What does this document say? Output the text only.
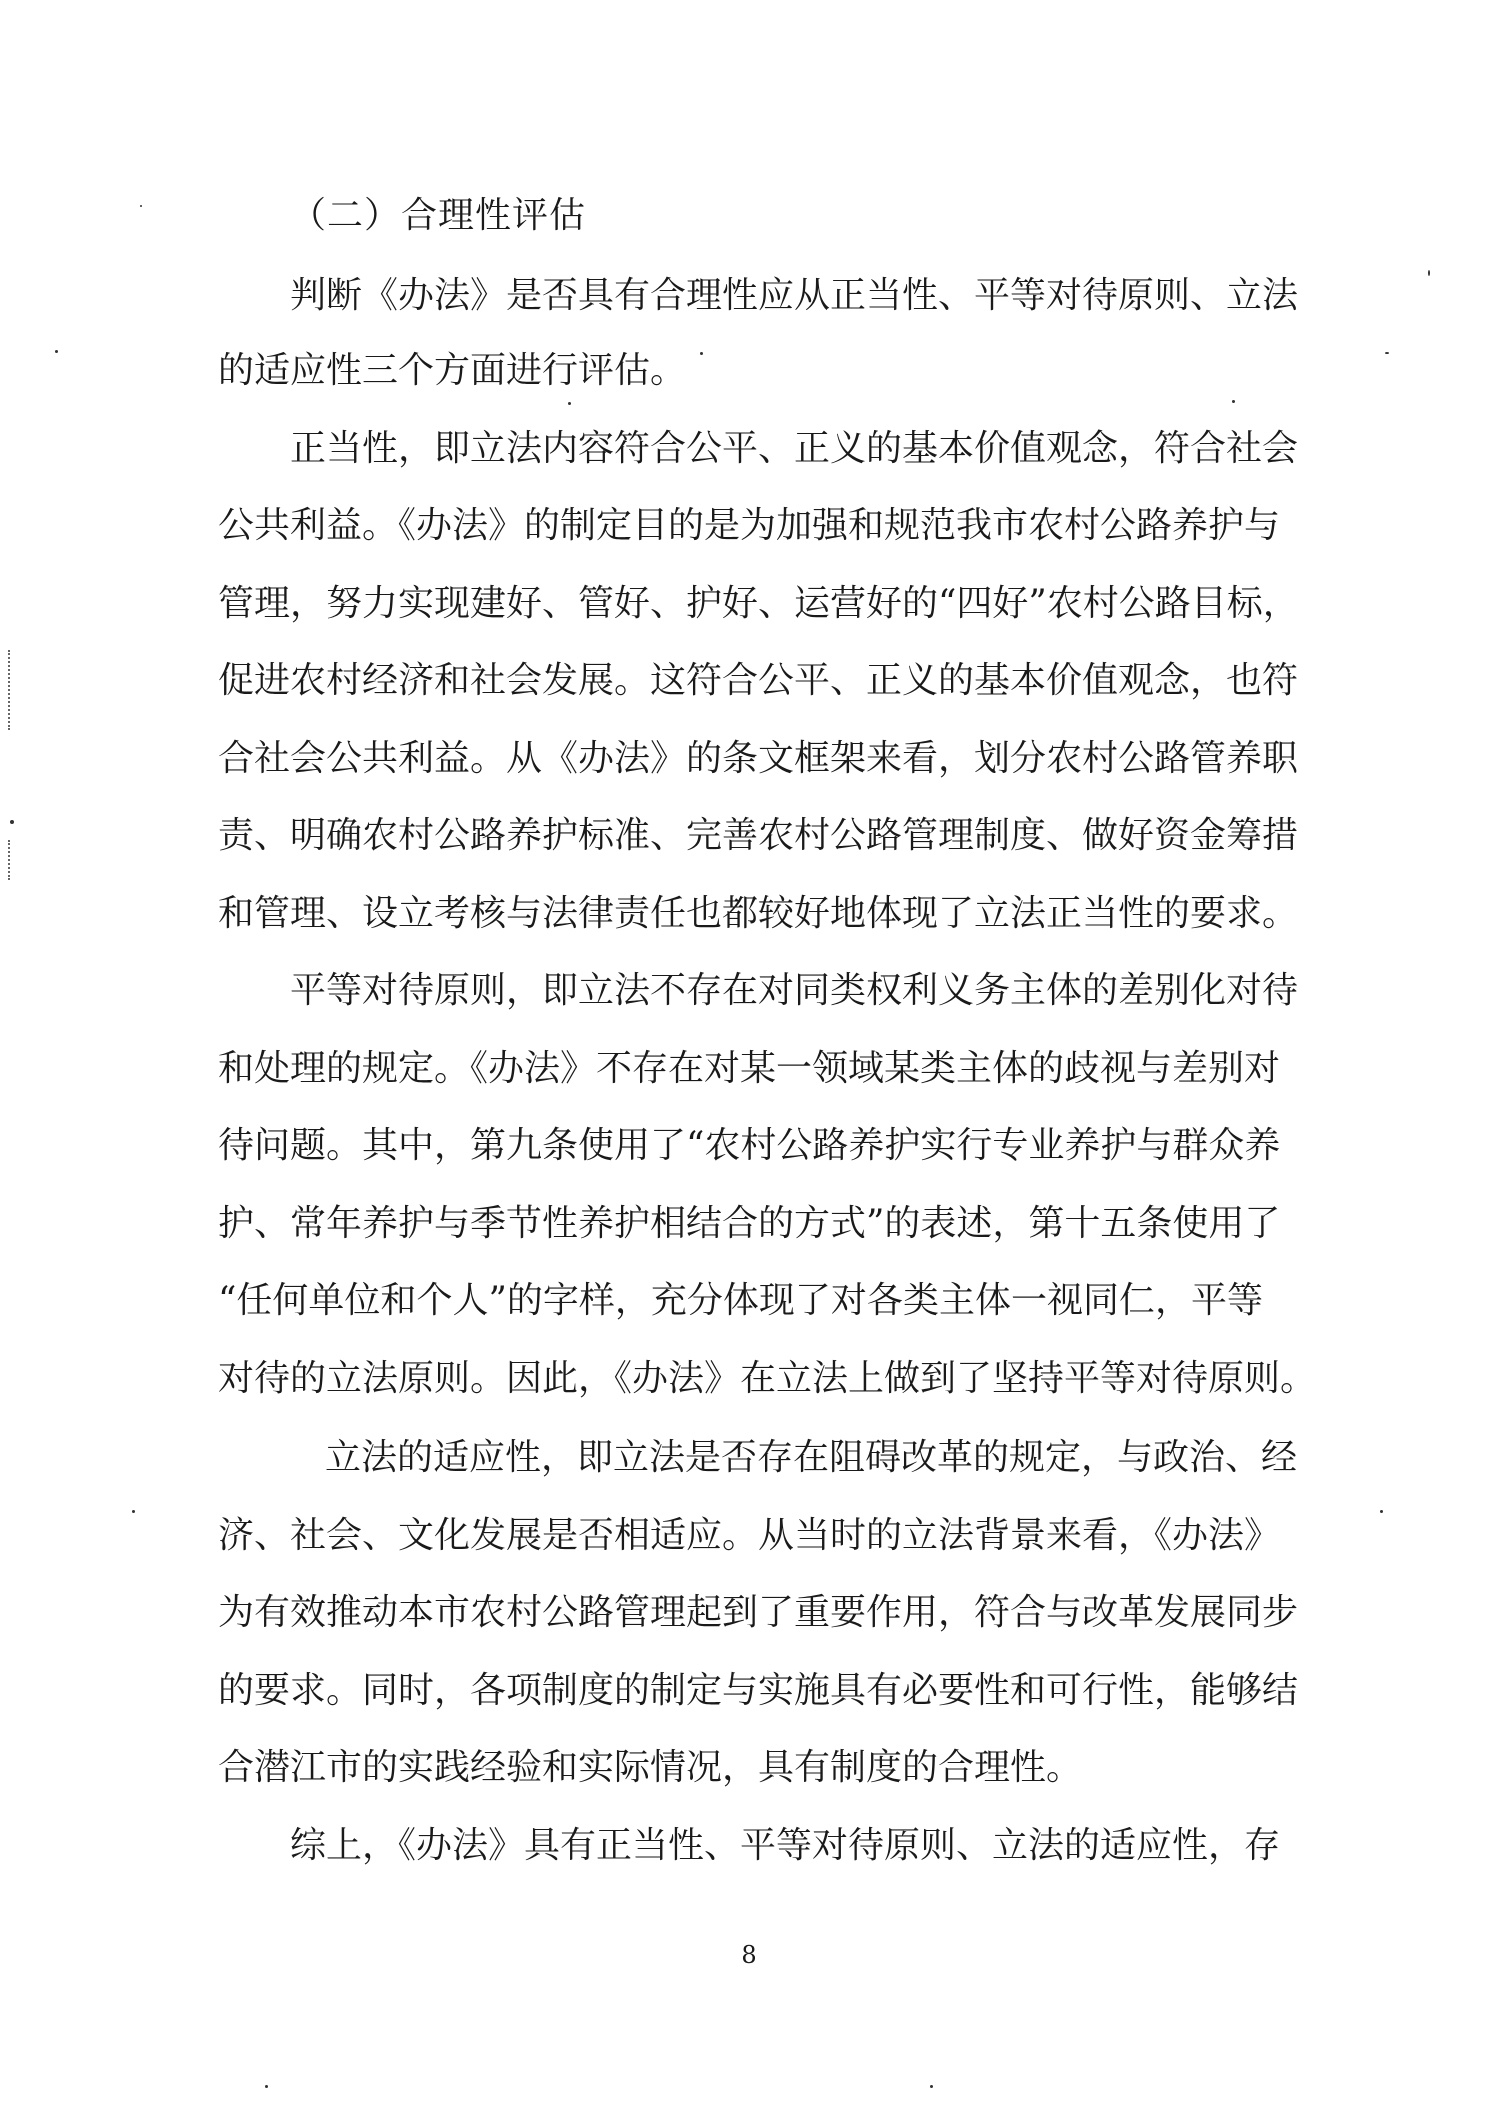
（二）合理性评估
判断《办法》是否具有合理性应从正当性、平等对待原则、立法
的适应性三个方面进行评估。
正当性，即立法内容符合公平、正义的基本价值观念，符合社会
公共利益。《办法》的制定目的是为加强和规范我市农村公路养护与
管理，努力实现建好、管好、护好、运营好的“四好”农村公路目标，
促进农村经济和社会发展。这符合公平、正义的基本价值观念，也符
合社会公共利益。从《办法》的条文框架来看，划分农村公路管养职
责、明确农村公路养护标准、完善农村公路管理制度、做好资金筹措
和管理、设立考核与法律责任也都较好地体现了立法正当性的要求。
平等对待原则，即立法不存在对同类权利义务主体的差别化对待
和处理的规定。《办法》不存在对某一领域某类主体的歧视与差别对
待问题。其中，第九条使用了“农村公路养护实行专业养护与群众养
护、常年养护与季节性养护相结合的方式”的表述，第十五条使用了
“任何单位和个人”的字样，充分体现了对各类主体一视同仁，平等
对待的立法原则。因此，《办法》在立法上做到了坚持平等对待原则。
立法的适应性，即立法是否存在阻碍改革的规定，与政治、经
济、社会、文化发展是否相适应。从当时的立法背景来看，《办法》
为有效推动本市农村公路管理起到了重要作用，符合与改革发展同步
的要求。同时，各项制度的制定与实施具有必要性和可行性，能够结
合潜江市的实践经验和实际情况，具有制度的合理性。
综上，《办法》具有正当性、平等对待原则、立法的适应性，存
8
